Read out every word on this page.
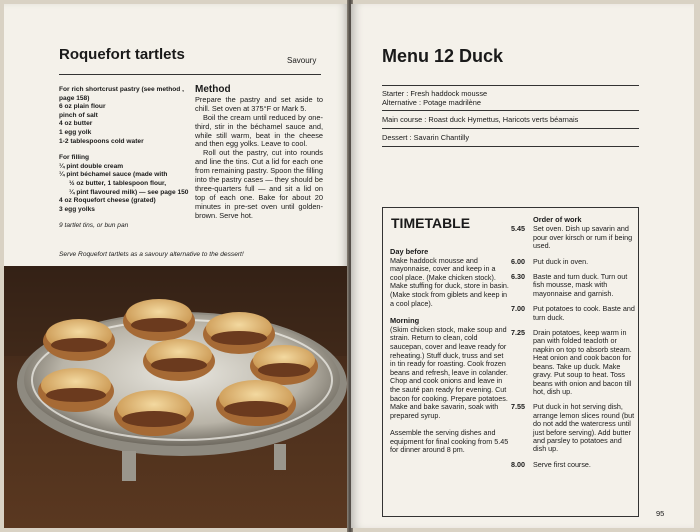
Roquefort tartlets	Savoury
For rich shortcrust pastry (see method , page 158)
6 oz plain flour
pinch of salt
4 oz butter
1 egg yolk
1-2 tablespoons cold water
For filling
¼ pint double cream
¼ pint béchamel sauce (made with
½ oz butter, 1 tablespoon flour,
¼ pint flavoured milk) — see page 150
4 oz Roquefort cheese (grated)
3 egg yolks
9 tartlet tins, or bun pan
Method

Prepare the pastry and set aside to chill. Set oven at 375°F or Mark 5.

Boil the cream until reduced by one-third, stir in the béchamel sauce and, while still warm, beat in the cheese and then egg yolks. Leave to cool.

Roll out the pastry, cut into rounds and line the tins. Cut a lid for each one from remaining pastry. Spoon the filling into the pastry cases — they should be three-quarters full — and sit a lid on top of each one. Bake for about 20 minutes in pre-set oven until golden-brown. Serve hot.

Serve Roquefort tartlets as a savoury alternative to the dessert!
Menu 12 Duck
Starter : Fresh haddock mousse
Alternative : Potage madrilène
Main course : Roast duck Hymettus, Haricots verts béarnais
Dessert : Savarin Chantilly
TIMETABLE
Day before

Make haddock mousse and mayonnaise, cover and keep in a cool place. (Make chicken stock). Make stuffing for duck, store in basin. (Make stock from giblets and keep in a cool place).

Morning

(Skim chicken stock, make soup and strain. Return to clean, cold saucepan, cover and leave ready for reheating.) Stuff duck, truss and set in tin ready for roasting. Cook frozen beans and refresh, leave in colander. Chop and cook onions and leave in the sauté pan ready for evening. Cut bacon for cooking. Prepare potatoes. Make and bake savarin, soak with prepared syrup.

Assemble the serving dishes and equipment for final cooking from 5.45 for dinner around 8 pm.

Order of work
5.45	Set oven. Dish up savarin and pour over kirsch or rum if being used.
6.00	Put duck in oven.
6.30	Baste and turn duck. Turn out fish mousse, mask with mayonnaise and garnish.
7.00	Put potatoes to cook. Baste and turn duck.
7.25	Drain potatoes, keep warm in pan with folded teacloth or napkin on top to absorb steam. Heat onion and cook bacon for beans. Take up duck. Make gravy. Put soup to heat. Toss beans with onion and bacon till hot, dish up.
7.55	Put duck in hot serving dish, arrange lemon slices round (but do not add the watercress until just before serving). Add butter and parsley to potatoes and dish up.
8.00	Serve first course.
95
